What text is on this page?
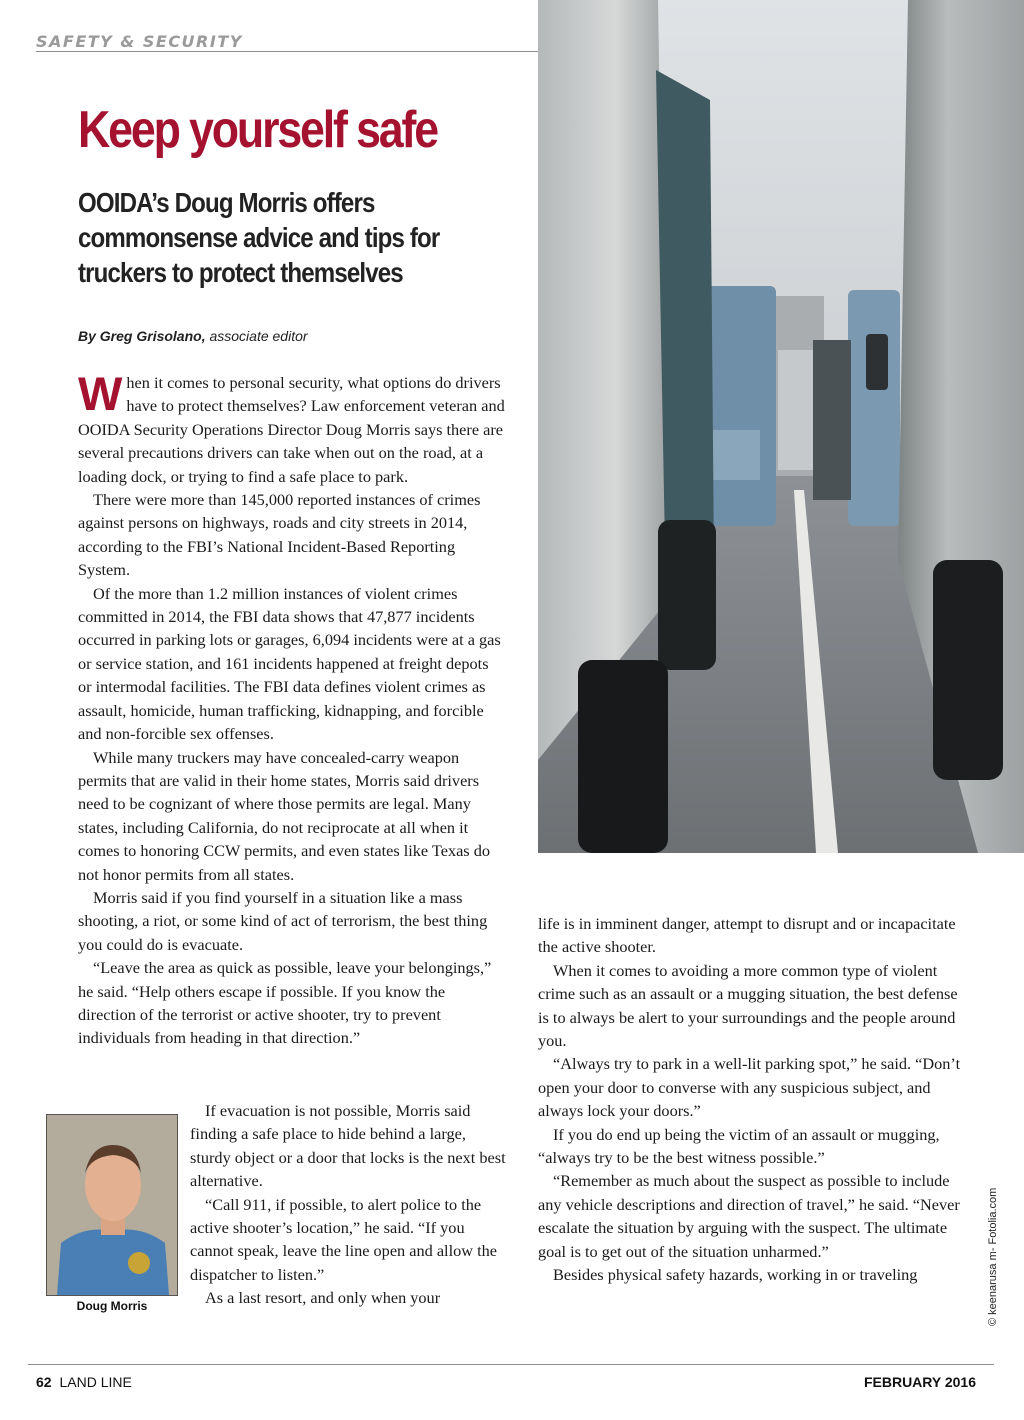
SAFETY & SECURITY
Keep yourself safe
OOIDA’s Doug Morris offers commonsense advice and tips for truckers to protect themselves
By Greg Grisolano, associate editor

When it comes to personal security, what options do drivers have to protect themselves? Law enforcement veteran and OOIDA Security Operations Director Doug Morris says there are several precautions drivers can take when out on the road, at a loading dock, or trying to find a safe place to park.

There were more than 145,000 reported instances of crimes against persons on highways, roads and city streets in 2014, according to the FBI’s National Incident-Based Reporting System.

Of the more than 1.2 million instances of violent crimes committed in 2014, the FBI data shows that 47,877 incidents occurred in parking lots or garages, 6,094 incidents were at a gas or service station, and 161 incidents happened at freight depots or intermodal facilities. The FBI data defines violent crimes as assault, homicide, human trafficking, kidnapping, and forcible and non-forcible sex offenses.

While many truckers may have concealed-carry weapon permits that are valid in their home states, Morris said drivers need to be cognizant of where those permits are legal. Many states, including California, do not reciprocate at all when it comes to honoring CCW permits, and even states like Texas do not honor permits from all states.

Morris said if you find yourself in a situation like a mass shooting, a riot, or some kind of act of terrorism, the best thing you could do is evacuate.

“Leave the area as quick as possible, leave your belongings,” he said. “Help others escape if possible. If you know the direction of the terrorist or active shooter, try to prevent individuals from heading in that direction.”

If evacuation is not possible, Morris said finding a safe place to hide behind a large, sturdy object or a door that locks is the next best alternative.

“Call 911, if possible, to alert police to the active shooter’s location,” he said. “If you cannot speak, leave the line open and allow the dispatcher to listen.”

As a last resort, and only when your

life is in imminent danger, attempt to disrupt and or incapacitate the active shooter.

When it comes to avoiding a more common type of violent crime such as an assault or a mugging situation, the best defense is to always be alert to your surroundings and the people around you.

“Always try to park in a well-lit parking spot,” he said. “Don’t open your door to converse with any suspicious subject, and always lock your doors.”

If you do end up being the victim of an assault or mugging, “always try to be the best witness possible.”

“Remember as much about the suspect as possible to include any vehicle descriptions and direction of travel,” he said. “Never escalate the situation by arguing with the suspect. The ultimate goal is to get out of the situation unharmed.”

Besides physical safety hazards, working in or traveling

Doug Morris	© keenarusa m- Fotolia.com
62 LAND LINE	FEBRUARY 2016
